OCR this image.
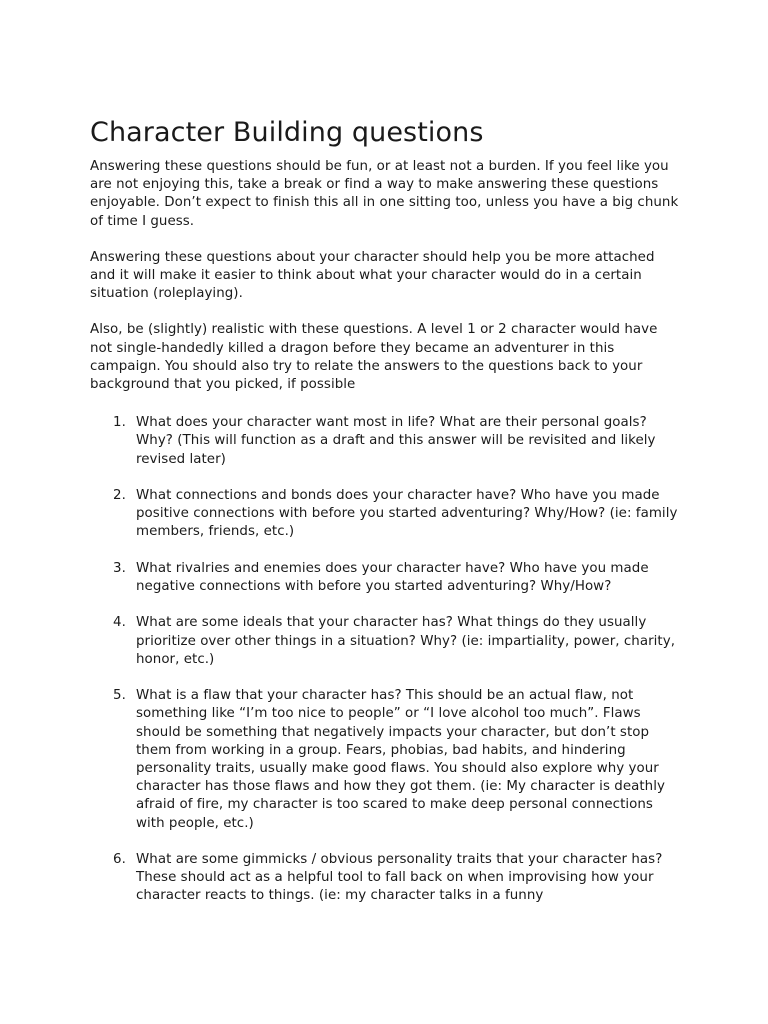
Character Building questions

Answering these questions should be fun, or at least not a burden. If you feel like you are not enjoying this, take a break or find a way to make answering these questions enjoyable. Don’t expect to finish this all in one sitting too, unless you have a big chunk of time I guess.

Answering these questions about your character should help you be more attached and it will make it easier to think about what your character would do in a certain situation (roleplaying).

Also, be (slightly) realistic with these questions. A level 1 or 2 character would have not single-handedly killed a dragon before they became an adventurer in this campaign. You should also try to relate the answers to the questions back to your background that you picked, if possible

1. What does your character want most in life? What are their personal goals? Why? (This will function as a draft and this answer will be revisited and likely revised later)
2. What connections and bonds does your character have? Who have you made positive connections with before you started adventuring? Why/How? (ie: family members, friends, etc.)
3. What rivalries and enemies does your character have? Who have you made negative connections with before you started adventuring? Why/How?
4. What are some ideals that your character has? What things do they usually prioritize over other things in a situation? Why? (ie: impartiality, power, charity, honor, etc.)
5. What is a flaw that your character has? This should be an actual flaw, not something like “I’m too nice to people” or “I love alcohol too much”. Flaws should be something that negatively impacts your character, but don’t stop them from working in a group. Fears, phobias, bad habits, and hindering personality traits, usually make good flaws. You should also explore why your character has those flaws and how they got them. (ie: My character is deathly afraid of fire, my character is too scared to make deep personal connections with people, etc.)
6. What are some gimmicks / obvious personality traits that your character has? These should act as a helpful tool to fall back on when improvising how your character reacts to things. (ie: my character talks in a funny
